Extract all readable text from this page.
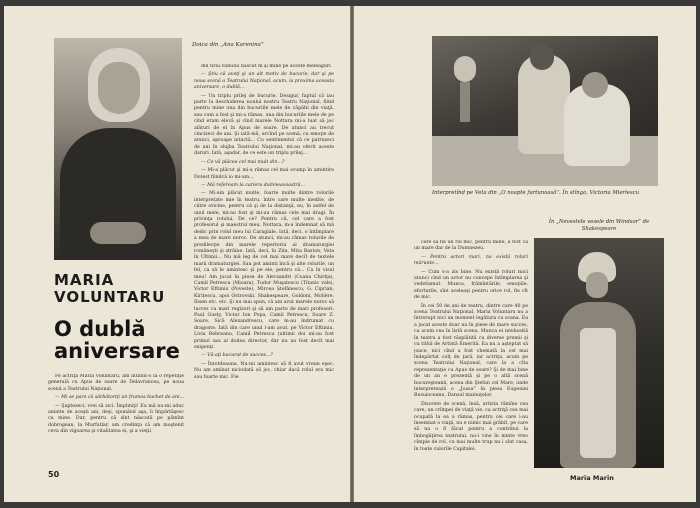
Doica din „Ana Karenina”
MARIA
VOLUNTARU
O dublă
aniversare

Pe actriţa Maria Voluntaru, am intîlnit-o la o repetiţie generală cu Apus de soare de Delavrancea, pe noua scenă a Teatrului Naţional.

— Mi se pare că sărbătoriţi un frumos buchet de ani...

— Şaptezeci, vrei să zici. Împliniţi! Eu mă nu-mi aduc aminte de aceşti ani, deşi, spunând aşa, îi împărtăşesc cu mine. Dar, pentru că sînt născută pe pămînt dobrogean, la Murfatlar, am credinţa că am moştenit ceva din vigoarea şi vitalitatea ei, şi a vieţii

din tiriu viinului nascut m şi mine pe aceste meleaguri.

— Ştiu că aveţi şi un alt motiv de bucurie, dar şi pe noua scenă a Teatrului Naţional, acum, la proxima aceasta aniversare, o dublă...

— Un triplu prilej de bucurie. Desigur, faptul că iau parte la deschiderea noului nostru Teatru Naţional, fiind pentru mine una din bucuriile mele de căpătii din viaţă, sau cum a fost şi mi-a rămas, una din bucuriile mele de pe cînd eram elevă şi cînd marele Nottara mi-a luat să joc alături de el în Apus de soare. De atunci au trecut cincizeci de ani. Şi iată-mă, urcînd pe scenă, cu emoţie de atunci, aproape intactă... Cu sentimentul că ce patruzeci de ani în slujba Teatrului Naţional, mi-au oferit aceste daruri. Iată, aşadar, de ce este un triplu prilej...

— Ce vă plăcea cel mai mult din...?

— Mi-a plăcut şi mi-a rămas cel mai scump în amintire Dotest fiindcă io mi-am...

— Mă refeream la cariera dumneavoastră...

— Mi-am plăcut multe, foarte multe dintre rolurile interpretate mie în teatru, între care multe inedite, de către oricine, pentru că şi de la distanţă, eu, în astfel de unul mele, mi-au fost şi mi-au rămas cele mai dragi. În privinţa rolului, De ce? Pentru că, cel care a fost profesorul şi maestrul meu, Nottara, m-a îndemnat să mă dedic prin rolul meu lui Caragiale. Iată, deci, o întîmplare a mea de mare noroc. De atunci, mi-au rămas rolurile de predilecţie din marele repertoriu al dramaturgiei româneşti şi străine. Iată, deci, în Zita, Mita Baston, Veta în Ultimii... Nu mă leg de cel mai mare decît de textele marii dramaturgiei. Sau pot aminti încă şi alte rolurile, un fel, ca să le amintesc şi pe ele, pentru că... Ca în visul meu! Am jucat în piese de Alecsandri (Coana Chiriţa), Camil Petrescu (Mioara), Tudor Muşatescu (Titanic vals), Victor Eftimiu (Poveste), Mircea Ştefănescu, G. Ciprian, Kirițescu, apoi Ostrovski, Shakespeare, Goldoni, Molière, Ibsen etc. etc. Şi nu mai spun, că am avut marele noroc să lucrez cu mari regizori şi să am parte de mari profesori: Paul Gusty, Victor Ion Popa, Camil Petrescu, Soare Z. Soare, Sică Alexandrescu, care m-au îndrumat cu dragoste. Iată din care unul l-am avut, pe Victor Eftimiu, Livia Rebreanu, Camil Petrescu (ultimii doi mi-au fost primul sau al doilea director, dar nu au fost decît mai exigenţi.

— Vă-aţi bucurat de succes...?

— Întotdeauna. Nu-mi amintesc să fi avut vreun eşec. Nu am amînat niciodată să joc, chiar dacă rolul era mic sau foarte mic. Fie

50
Interpretînd pe Veta din „O noapte furtunoasă”. În stînga, Victoria Mierlescu
În „Nevestele vesele din Windsor” de Shakespeare

care să fie un rol mic, pentru mine, a fost ca un mare dar de la Dumnezeu.

— Pentru actori mari, nu există roluri mărunte...

— Cum s-a zis bine. Nu există roluri mici atunci cînd un actor nu concepe întîmplarea şi vedetismul. Munca, frămîntările, emoţiile, eforturile, sînt aceleaşi pentru orice rol, fie cît de mic.

În cei 50 de ani de teatru, dintre care 40 pe scena Teatrului Naţional, Maria Voluntaru nu a întrerupt nici un moment legătura cu scena. Ea a jucat aceste doar nu în piese de mare succes, ca acum cea în listă scena. Munca ei neobosită în teatru a fost răsplătită cu diverse premii şi cu titlul de Artistă Emerită. Ea nu a aşteptat să joace, nici cînd a fost chemată la cel mai îndepărtat colţ de ţară, iar actriţa, acum pe scena Teatrului Naţional, care la a cîta reprezentaţie cu Apus de soare? Şi de mai bine de un an e prezentă şi pe o altă scenă bucureşteană, aceea din Ştefan cel Mare, unde interpretează o „Joasa” în piesa Eugeniei Busuioceanu, Dansul mainuţelor.

Discrete de scenă, însă, artista rămîne cea care, un crîmpei de viaţă vie, ca actriţă cea mai ocupată la ea a rămas, pentru cei care i-au însemnat o viaţă, nu e nimic mai grăbit, pe care să nu o fi făcut pentru a contribui la îmbogăţirea teatrului, nu-i vine în minte vreo cîmpie de rol, cu mai multe trup nu i sînt casa, în toate culorile Capitalei.

Maria Marin
